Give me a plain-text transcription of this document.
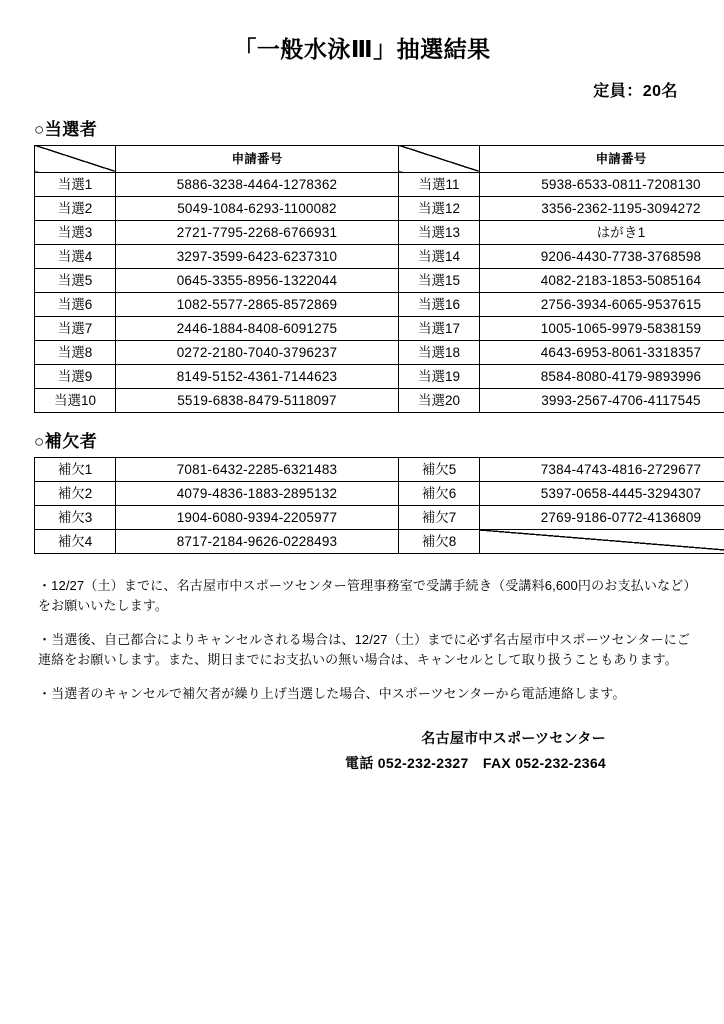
「一般水泳Ⅲ」抽選結果
定員：20名
○当選者
	申請番号		申請番号
当選1	5886-3238-4464-1278362	当選11	5938-6533-0811-7208130
当選2	5049-1084-6293-1100082	当選12	3356-2362-1195-3094272
当選3	2721-7795-2268-6766931	当選13	はがき1
当選4	3297-3599-6423-6237310	当選14	9206-4430-7738-3768598
当選5	0645-3355-8956-1322044	当選15	4082-2183-1853-5085164
当選6	1082-5577-2865-8572869	当選16	2756-3934-6065-9537615
当選7	2446-1884-8408-6091275	当選17	1005-1065-9979-5838159
当選8	0272-2180-7040-3796237	当選18	4643-6953-8061-3318357
当選9	8149-5152-4361-7144623	当選19	8584-8080-4179-9893996
当選10	5519-6838-8479-5118097	当選20	3993-2567-4706-4117545
○補欠者
補欠1	7081-6432-2285-6321483	補欠5	7384-4743-4816-2729677
補欠2	4079-4836-1883-2895132	補欠6	5397-0658-4445-3294307
補欠3	1904-6080-9394-2205977	補欠7	2769-9186-0772-4136809
補欠4	8717-2184-9626-0228493	補欠8	

・12/27（土）までに、名古屋市中スポーツセンター管理事務室で受講手続き（受講料6,600円のお支払いなど）をお願いいたします。

・当選後、自己都合によりキャンセルされる場合は、12/27（土）までに必ず名古屋市中スポーツセンターにご連絡をお願いします。また、期日までにお支払いの無い場合は、キャンセルとして取り扱うこともあります。

・当選者のキャンセルで補欠者が繰り上げ当選した場合、中スポーツセンターから電話連絡します。

名古屋市中スポーツセンター
電話 052-232-2327　FAX 052-232-2364
